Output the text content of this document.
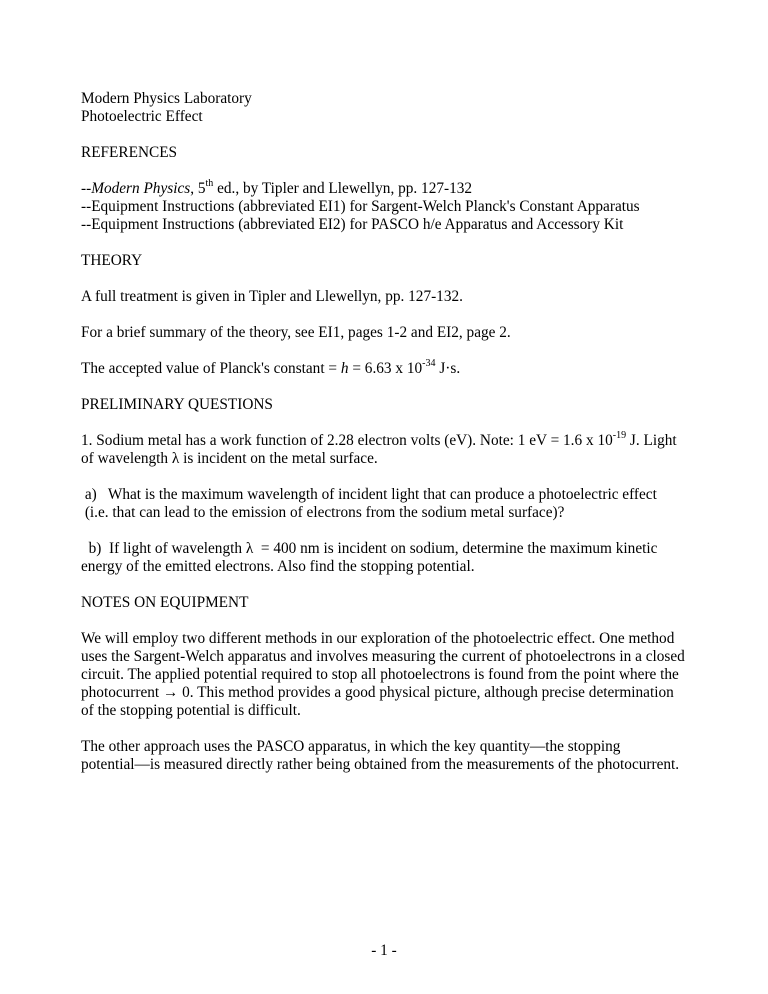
Modern Physics Laboratory

Photoelectric Effect

REFERENCES

--Modern Physics, 5th ed., by Tipler and Llewellyn, pp. 127-132

--Equipment Instructions (abbreviated EI1) for Sargent-Welch Planck's Constant Apparatus

--Equipment Instructions (abbreviated EI2) for PASCO h/e Apparatus and Accessory Kit

THEORY

A full treatment is given in Tipler and Llewellyn, pp. 127-132.

For a brief summary of the theory, see EI1, pages 1-2 and EI2, page 2.

The accepted value of Planck's constant = h = 6.63 x $10^{-34}$ J·s.

PRELIMINARY QUESTIONS

1. Sodium metal has a work function of 2.28 electron volts (eV). Note: 1 eV = 1.6 x $10^{-19}$ J. Light

of wavelength λ is incident on the metal surface.

a)   What is the maximum wavelength of incident light that can produce a photoelectric effect

(i.e. that can lead to the emission of electrons from the sodium metal surface)?

b)  If light of wavelength λ  = 400 nm is incident on sodium, determine the maximum kinetic

energy of the emitted electrons. Also find the stopping potential.

NOTES ON EQUIPMENT

We will employ two different methods in our exploration of the photoelectric effect. One method

uses the Sargent-Welch apparatus and involves measuring the current of photoelectrons in a closed

circuit. The applied potential required to stop all photoelectrons is found from the point where the

photocurrent → 0. This method provides a good physical picture, although precise determination

of the stopping potential is difficult.

The other approach uses the PASCO apparatus, in which the key quantity—the stopping

potential—is measured directly rather being obtained from the measurements of the photocurrent.

- 1 -
